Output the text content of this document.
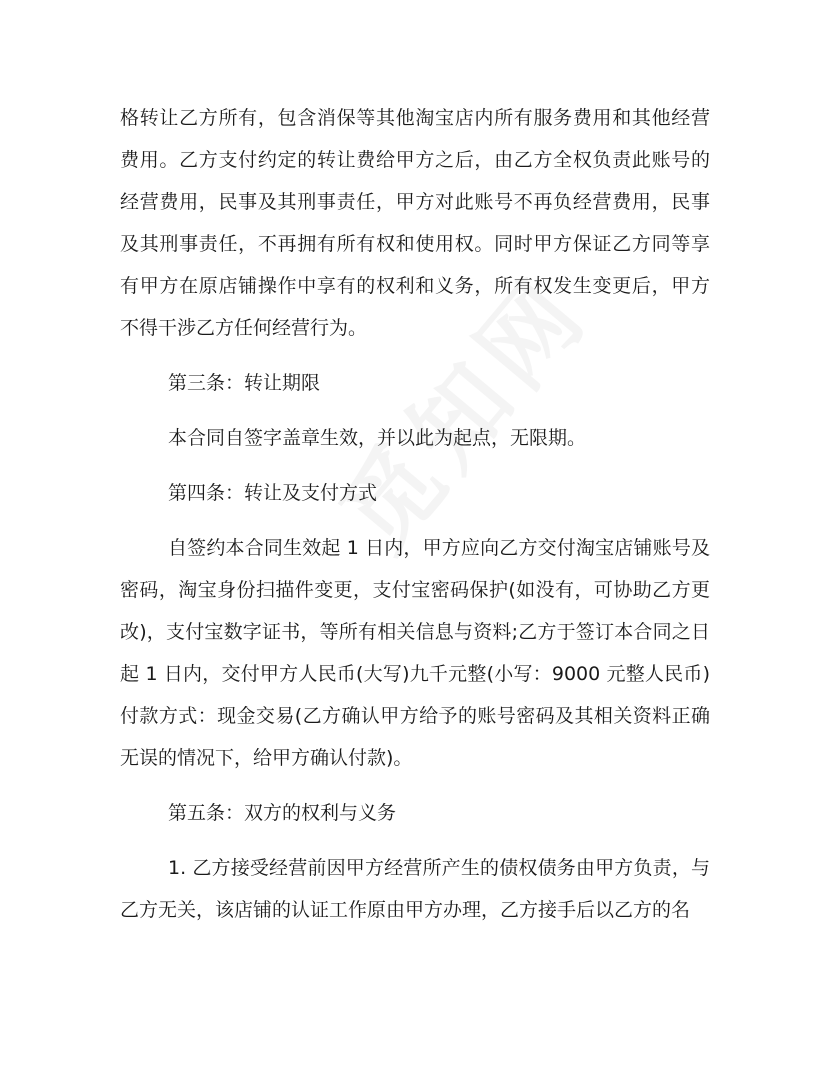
格转让乙方所有，包含消保等其他淘宝店内所有服务费用和其他经营
费用。乙方支付约定的转让费给甲方之后，由乙方全权负责此账号的
经营费用，民事及其刑事责任，甲方对此账号不再负经营费用，民事
及其刑事责任，不再拥有所有权和使用权。同时甲方保证乙方同等享
有甲方在原店铺操作中享有的权利和义务，所有权发生变更后，甲方
不得干涉乙方任何经营行为。
第三条：转让期限
本合同自签字盖章生效，并以此为起点，无限期。
第四条：转让及支付方式
自签约本合同生效起 1 日内，甲方应向乙方交付淘宝店铺账号及
密码，淘宝身份扫描件变更，支付宝密码保护(如没有，可协助乙方更
改)，支付宝数字证书，等所有相关信息与资料;乙方于签订本合同之日
起 1 日内，交付甲方人民币(大写)九千元整(小写：9000 元整人民币)
付款方式：现金交易(乙方确认甲方给予的账号密码及其相关资料正确
无误的情况下，给甲方确认付款)。
第五条：双方的权利与义务
1. 乙方接受经营前因甲方经营所产生的债权债务由甲方负责，与
乙方无关，该店铺的认证工作原由甲方办理，乙方接手后以乙方的名
